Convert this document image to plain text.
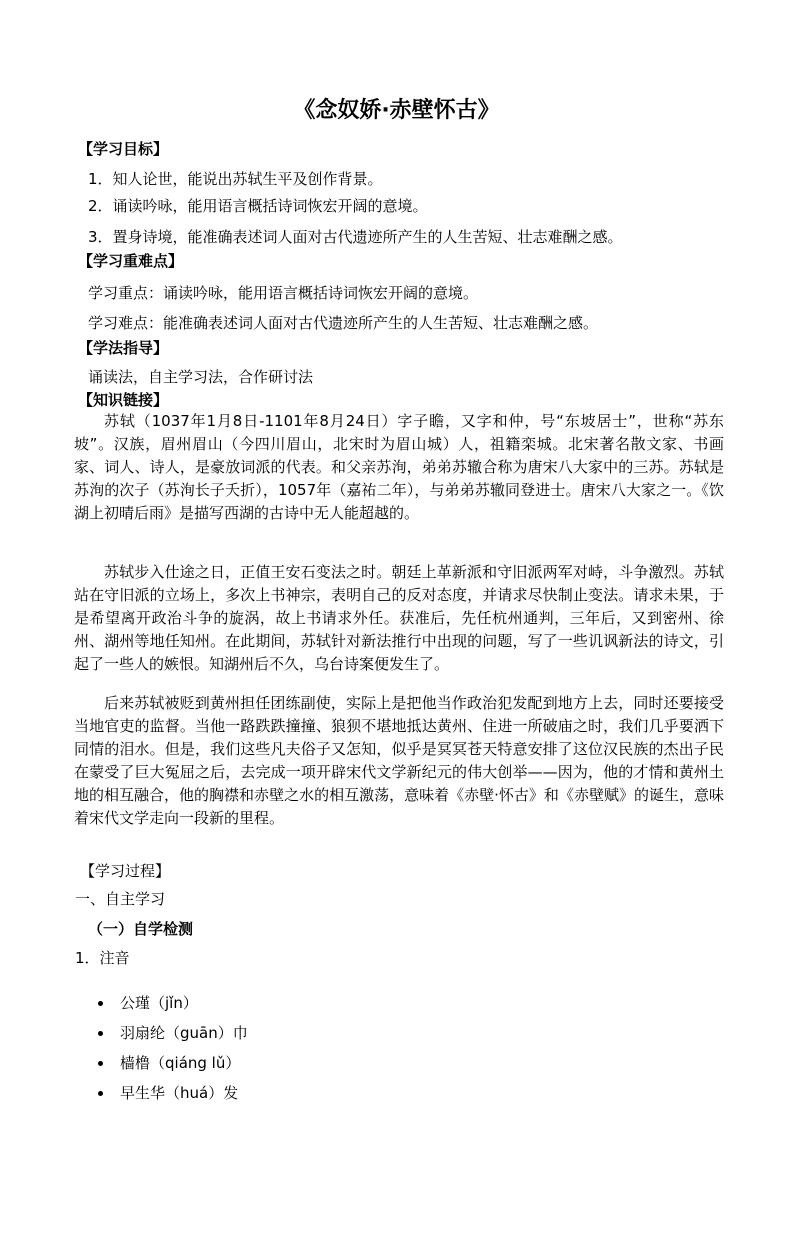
《念奴娇·赤壁怀古》
【学习目标】
1．知人论世，能说出苏轼生平及创作背景。
2．诵读吟咏，能用语言概括诗词恢宏开阔的意境。
3．置身诗境，能准确表述词人面对古代遗迹所产生的人生苦短、壮志难酬之感。
【学习重难点】
学习重点：诵读吟咏，能用语言概括诗词恢宏开阔的意境。
学习难点：能准确表述词人面对古代遗迹所产生的人生苦短、壮志难酬之感。
【学法指导】
诵读法，自主学习法，合作研讨法
【知识链接】

苏轼（1037年1月8日-1101年8月24日）字子瞻，又字和仲，号“东坡居士”，世称“苏东坡”。汉族，眉州眉山（今四川眉山，北宋时为眉山城）人，祖籍栾城。北宋著名散文家、书画家、词人、诗人，是豪放词派的代表。和父亲苏洵，弟弟苏辙合称为唐宋八大家中的三苏。苏轼是苏洵的次子（苏洵长子夭折），1057年（嘉祐二年），与弟弟苏辙同登进士。唐宋八大家之一。《饮湖上初晴后雨》是描写西湖的古诗中无人能超越的。

苏轼步入仕途之日，正值王安石变法之时。朝廷上革新派和守旧派两军对峙，斗争激烈。苏轼站在守旧派的立场上，多次上书神宗，表明自己的反对态度，并请求尽快制止变法。请求未果，于是希望离开政治斗争的旋涡，故上书请求外任。获准后，先任杭州通判，三年后，又到密州、徐州、湖州等地任知州。在此期间，苏轼针对新法推行中出现的问题，写了一些讥讽新法的诗文，引起了一些人的嫉恨。知湖州后不久，乌台诗案便发生了。

后来苏轼被贬到黄州担任团练副使，实际上是把他当作政治犯发配到地方上去，同时还要接受当地官吏的监督。当他一路跌跌撞撞、狼狈不堪地抵达黄州、住进一所破庙之时，我们几乎要洒下同情的泪水。但是，我们这些凡夫俗子又怎知，似乎是冥冥苍天特意安排了这位汉民族的杰出子民在蒙受了巨大冤屈之后，去完成一项开辟宋代文学新纪元的伟大创举——因为，他的才情和黄州土地的相互融合，他的胸襟和赤壁之水的相互激荡，意味着《赤壁·怀古》和《赤壁赋》的诞生，意味着宋代文学走向一段新的里程。

【学习过程】
一、自主学习
（一）自学检测
1．注音
公瑾（jǐn）
羽扇纶（guān）巾
樯橹（qiáng lǔ）
早生华（huá）发
